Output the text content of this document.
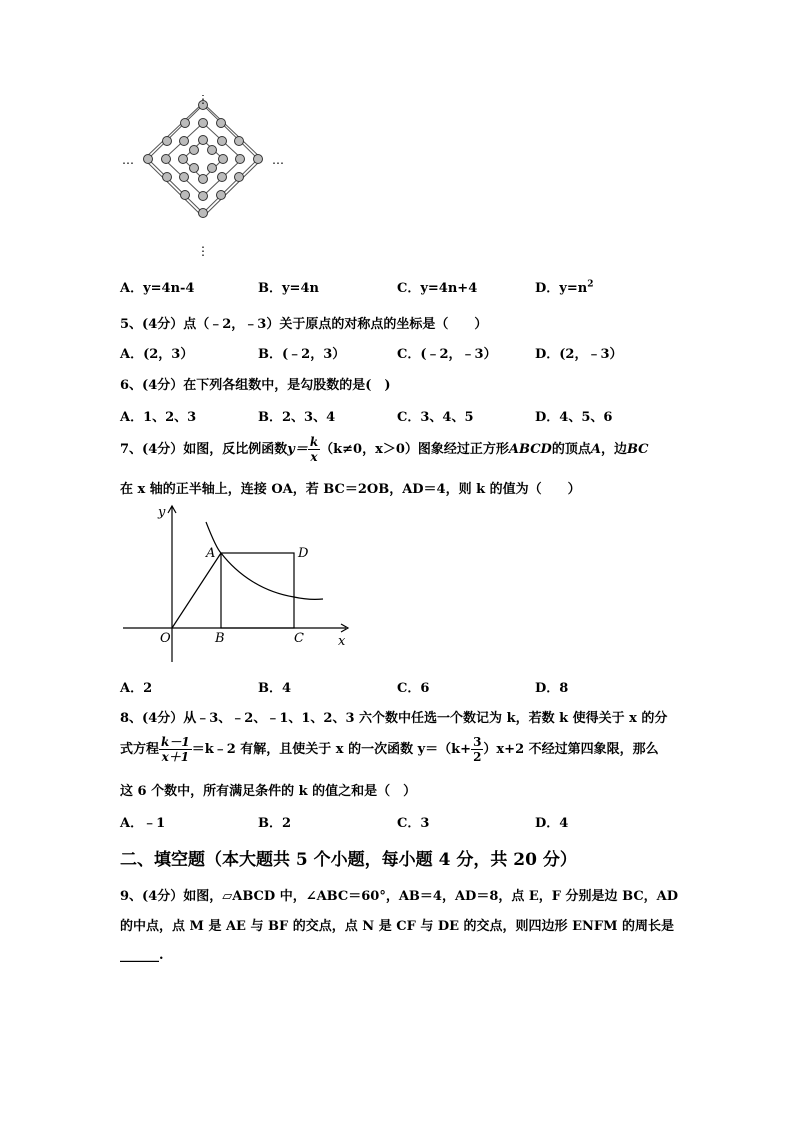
⋮
⋮
…	…
A．y=4n-4	B．y=4n	C．y=4n+4	D．$y=n^2$
5、(4分）点（﹣2，﹣3）关于原点的对称点的坐标是（　　）
A．(2，3）	B．(﹣2，3）	C．(﹣2，﹣3）	D．(2，﹣3）
6、(4分）在下列各组数中，是勾股数的是(　)
A．1、2、3	B．2、3、4	C．3、4、5	D．4、5、6
7、(4分）如图，反比例函数$y= \frac{k}{x} (k\ne 0$，x＞0）图象经过正方形ABCD的顶点A，边BC
在 x 轴的正半轴上，连接 OA，若 BC＝2OB，AD＝4，则 k 的值为（　　）
y
x
O
A
B	C
D
A．2	B．4	C．6	D．8
8、(4分）从﹣3、﹣2、﹣1、1、2、3 六个数中任选一个数记为 k，若数 k 使得关于 x 的分
式方程 $\frac{k-1}{x+1}$ ＝k﹣2 有解，且使关于 x 的一次函数 $y=(k+ \frac{3}{2} )x+2$ 不经过第四象限，那么
这 6 个数中，所有满足条件的 k 的值之和是（　）
A．﹣1	B．2	C．3	D．4
二、填空题（本大题共 5 个小题，每小题 4 分，共 20 分）
9、(4分）如图，▱ABCD 中，∠ABC＝60°，AB＝4，AD＝8，点 E，F 分别是边 BC，AD
的中点，点 M 是 AE 与 BF 的交点，点 N 是 CF 与 DE 的交点，则四边形 ENFM 的周长是
______.
